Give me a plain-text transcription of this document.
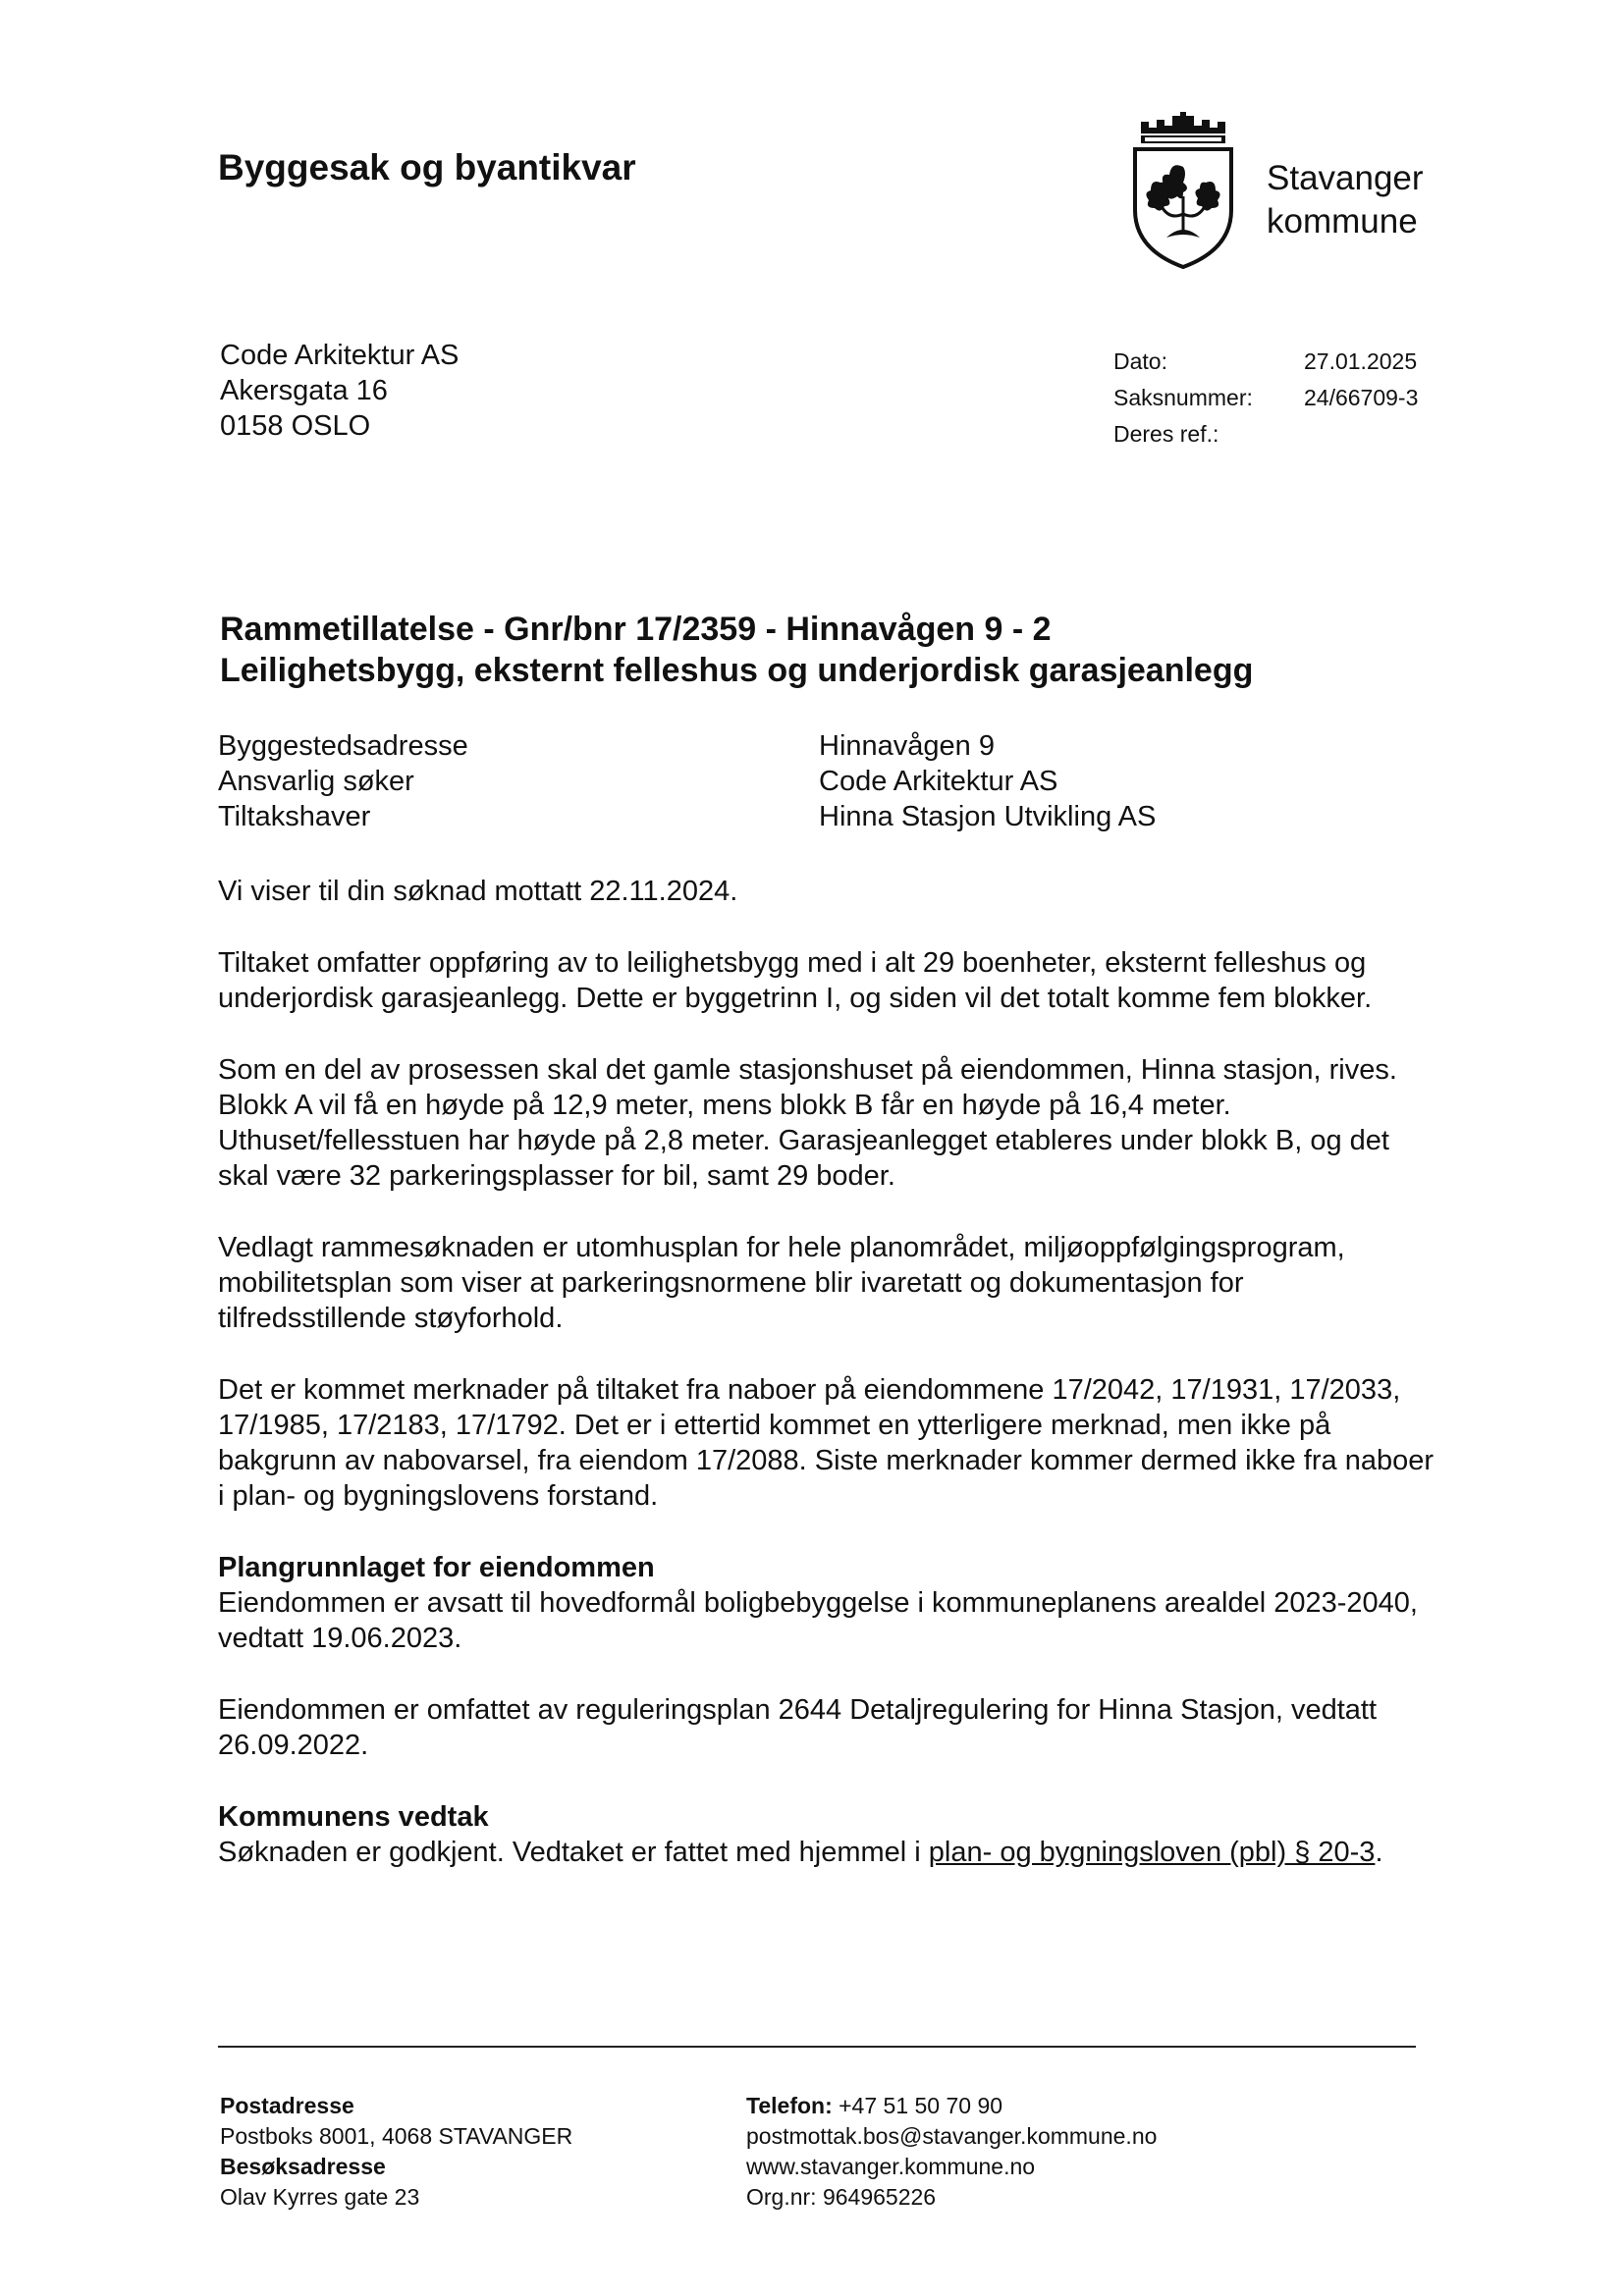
Byggesak og byantikvar	Stavanger
kommune
Code Arkitektur AS
Akersgata 16
0158 OSLO
Dato:	27.01.2025
Saksnummer:	24/66709-3
Deres ref.:
Rammetillatelse - Gnr/bnr 17/2359 - Hinnavågen 9 - 2
Leilighetsbygg, eksternt felleshus og underjordisk garasjeanlegg
Byggestedsadresse	Hinnavågen 9
Ansvarlig søker	Code Arkitektur AS
Tiltakshaver	Hinna Stasjon Utvikling AS

Vi viser til din søknad mottatt 22.11.2024.

Tiltaket omfatter oppføring av to leilighetsbygg med i alt 29 boenheter, eksternt felleshus og underjordisk garasjeanlegg. Dette er byggetrinn I, og siden vil det totalt komme fem blokker.

Som en del av prosessen skal det gamle stasjonshuset på eiendommen, Hinna stasjon, rives. Blokk A vil få en høyde på 12,9 meter, mens blokk B får en høyde på 16,4 meter. Uthuset/fellesstuen har høyde på 2,8 meter. Garasjeanlegget etableres under blokk B, og det skal være 32 parkeringsplasser for bil, samt 29 boder.

Vedlagt rammesøknaden er utomhusplan for hele planområdet, miljøoppfølgingsprogram, mobilitetsplan som viser at parkeringsnormene blir ivaretatt og dokumentasjon for tilfredsstillende støyforhold.

Det er kommet merknader på tiltaket fra naboer på eiendommene 17/2042, 17/1931, 17/2033, 17/1985, 17/2183, 17/1792. Det er i ettertid kommet en ytterligere merknad, men ikke på bakgrunn av nabovarsel, fra eiendom 17/2088. Siste merknader kommer dermed ikke fra naboer i plan- og bygningslovens forstand.

Plangrunnlaget for eiendommen

Eiendommen er avsatt til hovedformål boligbebyggelse i kommuneplanens arealdel 2023-2040, vedtatt 19.06.2023.

Eiendommen er omfattet av reguleringsplan 2644 Detaljregulering for Hinna Stasjon, vedtatt 26.09.2022.

Kommunens vedtak

Søknaden er godkjent. Vedtaket er fattet med hjemmel i plan- og bygningsloven (pbl) § 20-3.

Postadresse
Postboks 8001, 4068 STAVANGER
Besøksadresse
Olav Kyrres gate 23
Telefon: +47 51 50 70 90
postmottak.bos@stavanger.kommune.no
www.stavanger.kommune.no
Org.nr: 964965226
